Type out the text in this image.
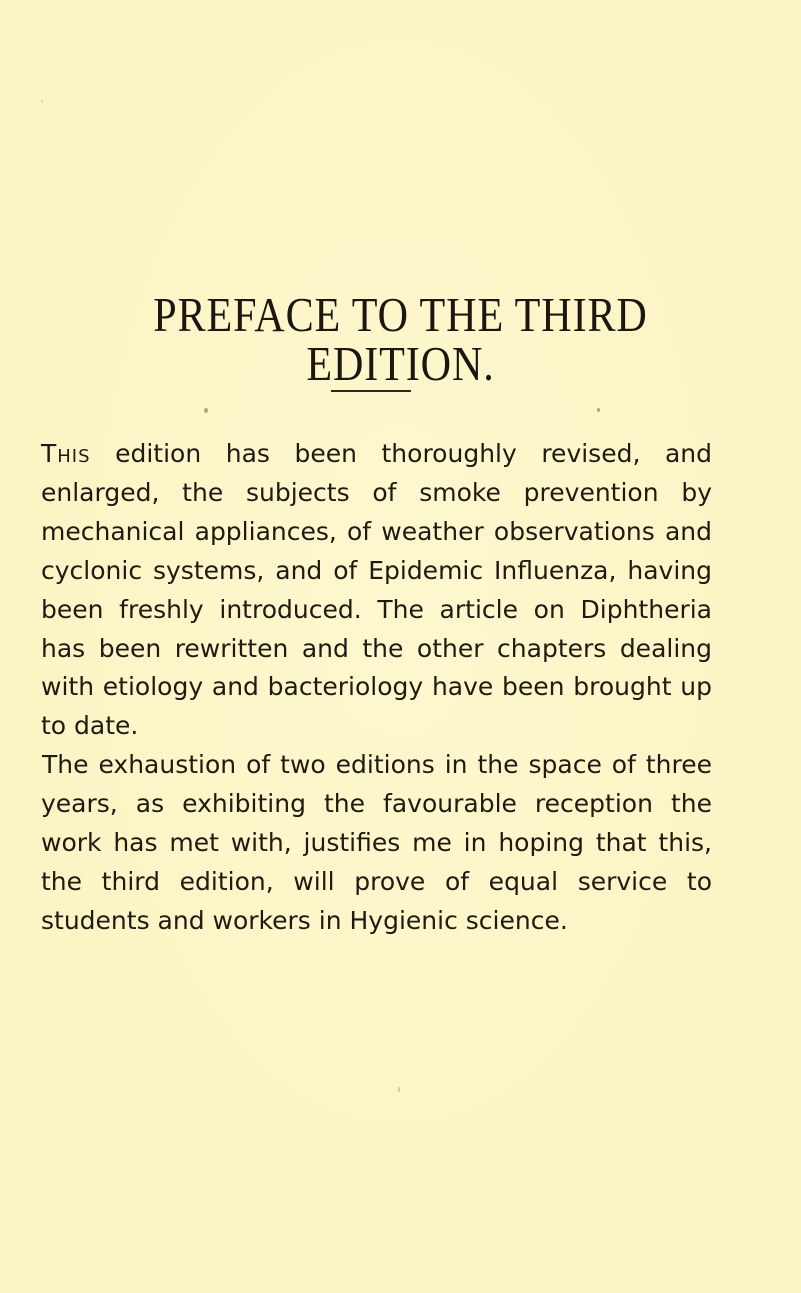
PREFACE TO THE THIRD EDITION.

This edition has been thoroughly revised, and enlarged, the subjects of smoke prevention by mechanical appliances, of weather observations and cyclonic systems, and of Epidemic Influenza, having been freshly introduced. The article on Diphtheria has been rewritten and the other chapters dealing with etiology and bacteriology have been brought up to date.

The exhaustion of two editions in the space of three years, as exhibiting the favourable reception the work has met with, justifies me in hoping that this, the third edition, will prove of equal service to students and workers in Hygienic science.
